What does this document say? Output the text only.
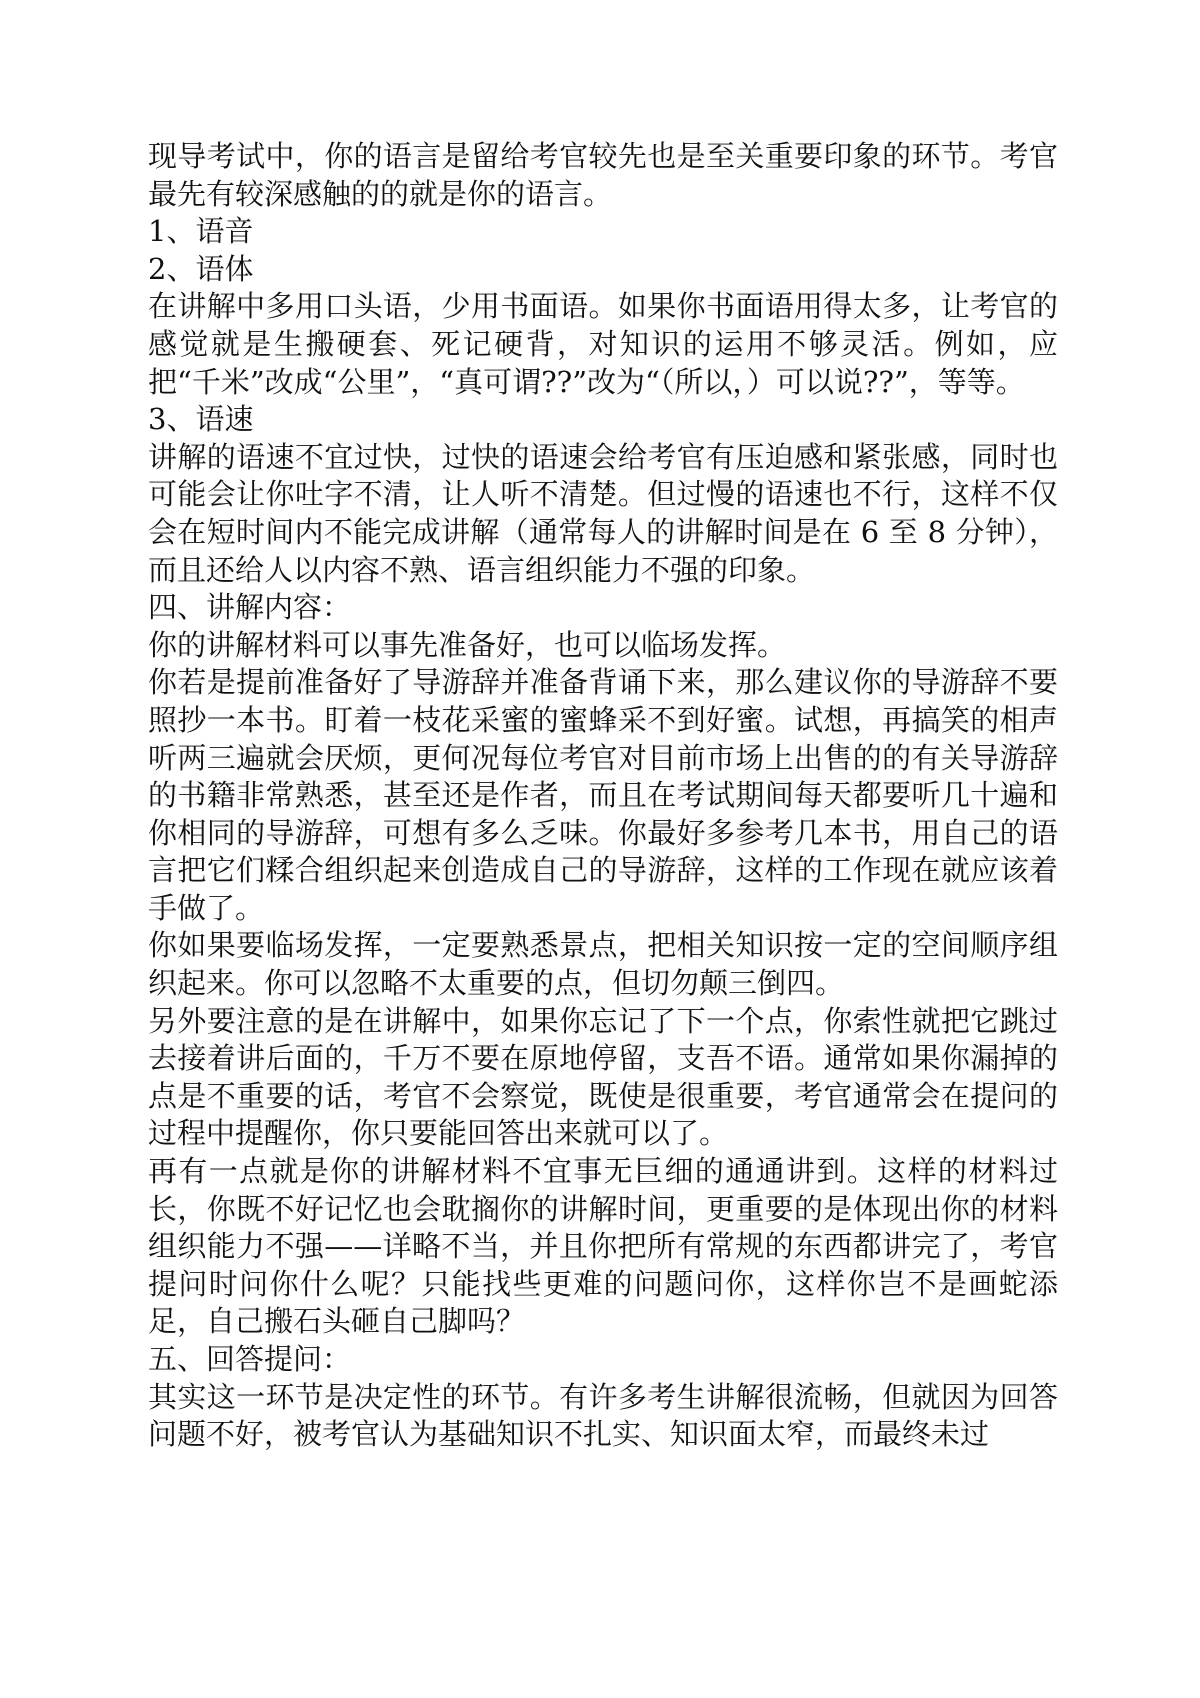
现导考试中，你的语言是留给考官较先也是至关重要印象的环节。考官最先有较深感触的的就是你的语言。

1、语音

2、语体

在讲解中多用口头语，少用书面语。如果你书面语用得太多，让考官的感觉就是生搬硬套、死记硬背，对知识的运用不够灵活。例如，应把“千米”改成“公里”，“真可谓??”改为“（所以，）可以说??”，等等。

3、语速

讲解的语速不宜过快，过快的语速会给考官有压迫感和紧张感，同时也可能会让你吐字不清，让人听不清楚。但过慢的语速也不行，这样不仅会在短时间内不能完成讲解（通常每人的讲解时间是在 6 至 8 分钟），而且还给人以内容不熟、语言组织能力不强的印象。

四、讲解内容：

你的讲解材料可以事先准备好，也可以临场发挥。

你若是提前准备好了导游辞并准备背诵下来，那么建议你的导游辞不要照抄一本书。盯着一枝花采蜜的蜜蜂采不到好蜜。试想，再搞笑的相声听两三遍就会厌烦，更何况每位考官对目前市场上出售的的有关导游辞的书籍非常熟悉，甚至还是作者，而且在考试期间每天都要听几十遍和你相同的导游辞，可想有多么乏味。你最好多参考几本书，用自己的语言把它们糅合组织起来创造成自己的导游辞，这样的工作现在就应该着手做了。

你如果要临场发挥，一定要熟悉景点，把相关知识按一定的空间顺序组织起来。你可以忽略不太重要的点，但切勿颠三倒四。

另外要注意的是在讲解中，如果你忘记了下一个点，你索性就把它跳过去接着讲后面的，千万不要在原地停留，支吾不语。通常如果你漏掉的点是不重要的话，考官不会察觉，既使是很重要，考官通常会在提问的过程中提醒你，你只要能回答出来就可以了。

再有一点就是你的讲解材料不宜事无巨细的通通讲到。这样的材料过长，你既不好记忆也会耽搁你的讲解时间，更重要的是体现出你的材料组织能力不强——详略不当，并且你把所有常规的东西都讲完了，考官提问时问你什么呢？只能找些更难的问题问你，这样你岂不是画蛇添足，自己搬石头砸自己脚吗？

五、回答提问：

其实这一环节是决定性的环节。有许多考生讲解很流畅，但就因为回答问题不好，被考官认为基础知识不扎实、知识面太窄，而最终未过
